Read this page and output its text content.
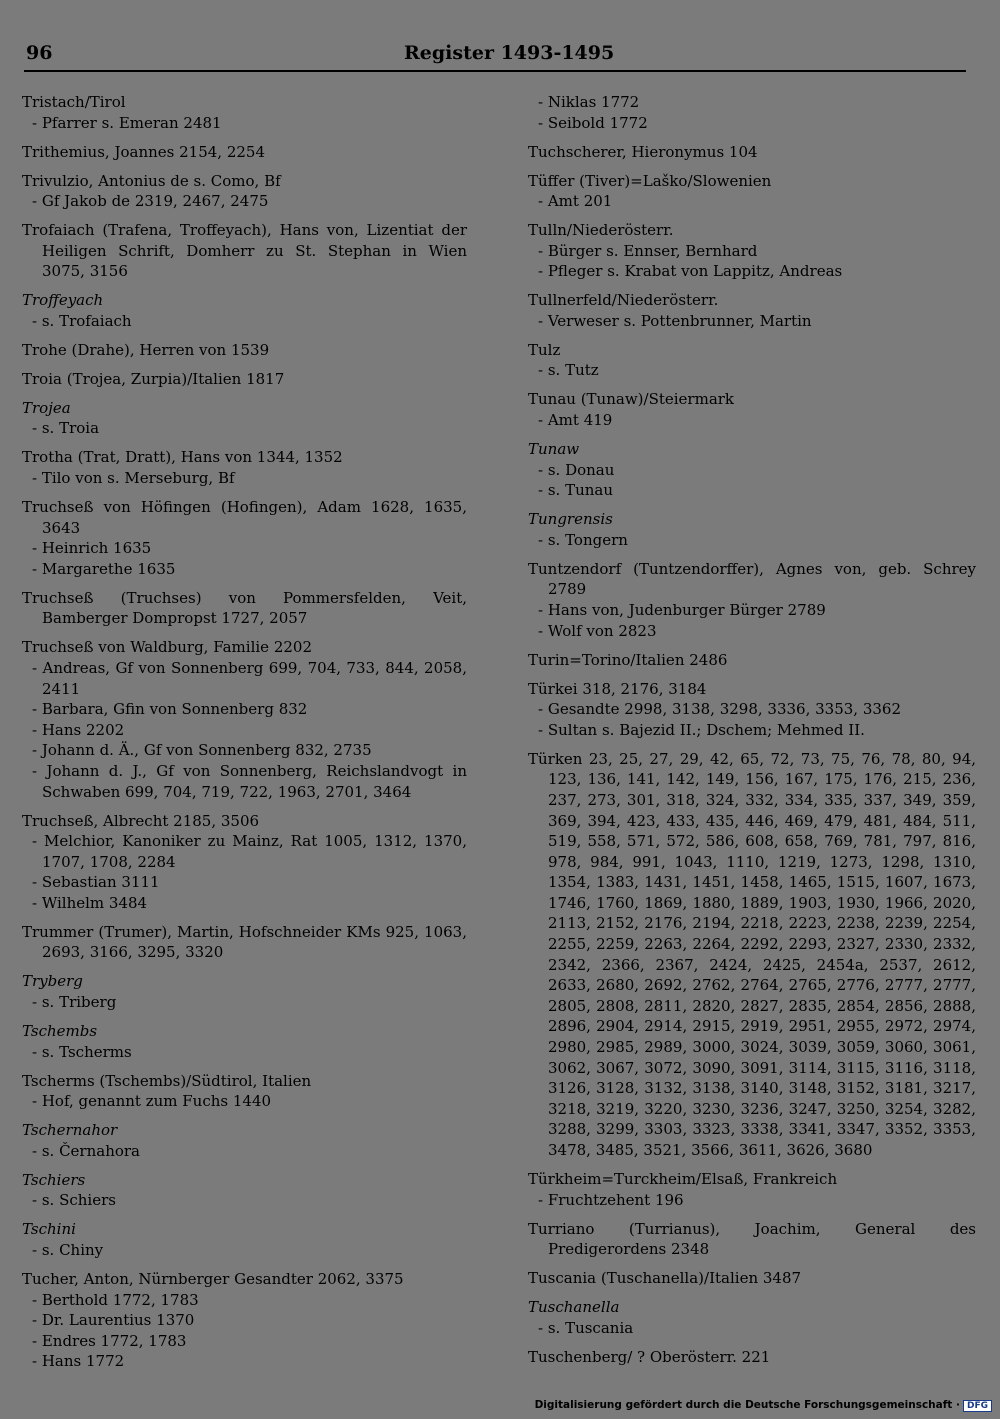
96	Register 1493-1495
Tristach/Tirol
- Pfarrer s. Emeran 2481
Trithemius, Joannes 2154, 2254
Trivulzio, Antonius de s. Como, Bf
- Gf Jakob de 2319, 2467, 2475
Trofaiach (Trafena, Troffeyach), Hans von, Lizentiat der Heiligen Schrift, Domherr zu St. Stephan in Wien 3075, 3156
Troffeyach
- s. Trofaiach
Trohe (Drahe), Herren von 1539
Troia (Trojea, Zurpia)/Italien 1817
Trojea
- s. Troia
Trotha (Trat, Dratt), Hans von 1344, 1352
- Tilo von s. Merseburg, Bf
Truchseß von Höfingen (Hofingen), Adam 1628, 1635, 3643
- Heinrich 1635
- Margarethe 1635
Truchseß (Truchses) von Pommersfelden, Veit, Bamberger Dompropst 1727, 2057
Truchseß von Waldburg, Familie 2202
- Andreas, Gf von Sonnenberg 699, 704, 733, 844, 2058, 2411
- Barbara, Gfin von Sonnenberg 832
- Hans 2202
- Johann d. Ä., Gf von Sonnenberg 832, 2735
- Johann d. J., Gf von Sonnenberg, Reichslandvogt in Schwaben 699, 704, 719, 722, 1963, 2701, 3464
Truchseß, Albrecht 2185, 3506
- Melchior, Kanoniker zu Mainz, Rat 1005, 1312, 1370, 1707, 1708, 2284
- Sebastian 3111
- Wilhelm 3484
Trummer (Trumer), Martin, Hofschneider KMs 925, 1063, 2693, 3166, 3295, 3320
Tryberg
- s. Triberg
Tschembs
- s. Tscherms
Tscherms (Tschembs)/Südtirol, Italien
- Hof, genannt zum Fuchs 1440
Tschernahor
- s. Černahora
Tschiers
- s. Schiers
Tschini
- s. Chiny
Tucher, Anton, Nürnberger Gesandter 2062, 3375
- Berthold 1772, 1783
- Dr. Laurentius 1370
- Endres 1772, 1783
- Hans 1772
- Niklas 1772
- Seibold 1772
Tuchscherer, Hieronymus 104
Tüffer (Tiver)=Laško/Slowenien
- Amt 201
Tulln/Niederösterr.
- Bürger s. Ennser, Bernhard
- Pfleger s. Krabat von Lappitz, Andreas
Tullnerfeld/Niederösterr.
- Verweser s. Pottenbrunner, Martin
Tulz
- s. Tutz
Tunau (Tunaw)/Steiermark
- Amt 419
Tunaw
- s. Donau
- s. Tunau
Tungrensis
- s. Tongern
Tuntzendorf (Tuntzendorffer), Agnes von, geb. Schrey 2789
- Hans von, Judenburger Bürger 2789
- Wolf von 2823
Turin=Torino/Italien 2486
Türkei 318, 2176, 3184
- Gesandte 2998, 3138, 3298, 3336, 3353, 3362
- Sultan s. Bajezid II.; Dschem; Mehmed II.
Türken 23, 25, 27, 29, 42, 65, 72, 73, 75, 76, 78, 80, 94, 123, 136, 141, 142, 149, 156, 167, 175, 176, 215, 236, 237, 273, 301, 318, 324, 332, 334, 335, 337, 349, 359, 369, 394, 423, 433, 435, 446, 469, 479, 481, 484, 511, 519, 558, 571, 572, 586, 608, 658, 769, 781, 797, 816, 978, 984, 991, 1043, 1110, 1219, 1273, 1298, 1310, 1354, 1383, 1431, 1451, 1458, 1465, 1515, 1607, 1673, 1746, 1760, 1869, 1880, 1889, 1903, 1930, 1966, 2020, 2113, 2152, 2176, 2194, 2218, 2223, 2238, 2239, 2254, 2255, 2259, 2263, 2264, 2292, 2293, 2327, 2330, 2332, 2342, 2366, 2367, 2424, 2425, 2454a, 2537, 2612, 2633, 2680, 2692, 2762, 2764, 2765, 2776, 2777, 2777, 2805, 2808, 2811, 2820, 2827, 2835, 2854, 2856, 2888, 2896, 2904, 2914, 2915, 2919, 2951, 2955, 2972, 2974, 2980, 2985, 2989, 3000, 3024, 3039, 3059, 3060, 3061, 3062, 3067, 3072, 3090, 3091, 3114, 3115, 3116, 3118, 3126, 3128, 3132, 3138, 3140, 3148, 3152, 3181, 3217, 3218, 3219, 3220, 3230, 3236, 3247, 3250, 3254, 3282, 3288, 3299, 3303, 3323, 3338, 3341, 3347, 3352, 3353, 3478, 3485, 3521, 3566, 3611, 3626, 3680
Türkheim=Turckheim/Elsaß, Frankreich
- Fruchtzehent 196
Turriano (Turrianus), Joachim, General des Predigerordens 2348
Tuscania (Tuschanella)/Italien 3487
Tuschanella
- s. Tuscania
Tuschenberg/ ? Oberösterr. 221
Digitalisierung gefördert durch die Deutsche Forschungsgemeinschaft · DFG
